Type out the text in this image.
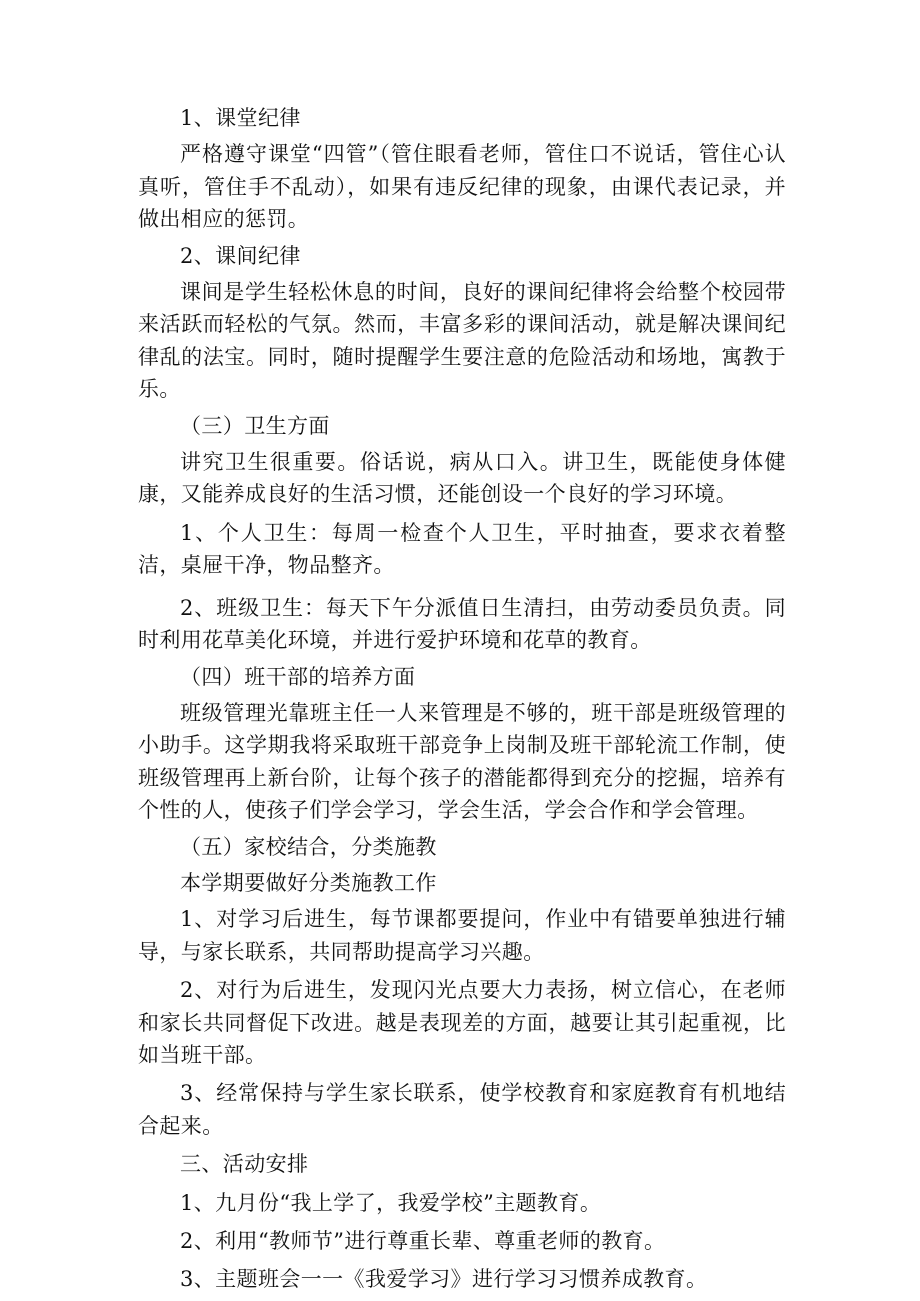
1、课堂纪律

严格遵守课堂“四管”（管住眼看老师，管住口不说话，管住心认真听，管住手不乱动），如果有违反纪律的现象，由课代表记录，并做出相应的惩罚。

2、课间纪律

课间是学生轻松休息的时间，良好的课间纪律将会给整个校园带来活跃而轻松的气氛。然而，丰富多彩的课间活动，就是解决课间纪律乱的法宝。同时，随时提醒学生要注意的危险活动和场地，寓教于乐。

（三）卫生方面

讲究卫生很重要。俗话说，病从口入。讲卫生，既能使身体健康，又能养成良好的生活习惯，还能创设一个良好的学习环境。

1、个人卫生：每周一检查个人卫生，平时抽查，要求衣着整洁，桌屉干净，物品整齐。

2、班级卫生：每天下午分派值日生清扫，由劳动委员负责。同时利用花草美化环境，并进行爱护环境和花草的教育。

（四）班干部的培养方面

班级管理光靠班主任一人来管理是不够的，班干部是班级管理的小助手。这学期我将采取班干部竞争上岗制及班干部轮流工作制，使班级管理再上新台阶，让每个孩子的潜能都得到充分的挖掘，培养有个性的人，使孩子们学会学习，学会生活，学会合作和学会管理。

（五）家校结合，分类施教

本学期要做好分类施教工作

1、对学习后进生，每节课都要提问，作业中有错要单独进行辅导，与家长联系，共同帮助提高学习兴趣。

2、对行为后进生，发现闪光点要大力表扬，树立信心，在老师和家长共同督促下改进。越是表现差的方面，越要让其引起重视，比如当班干部。

3、经常保持与学生家长联系，使学校教育和家庭教育有机地结合起来。

三、活动安排

1、九月份“我上学了，我爱学校”主题教育。

2、利用“教师节”进行尊重长辈、尊重老师的教育。

3、主题班会一一《我爱学习》进行学习习惯养成教育。
